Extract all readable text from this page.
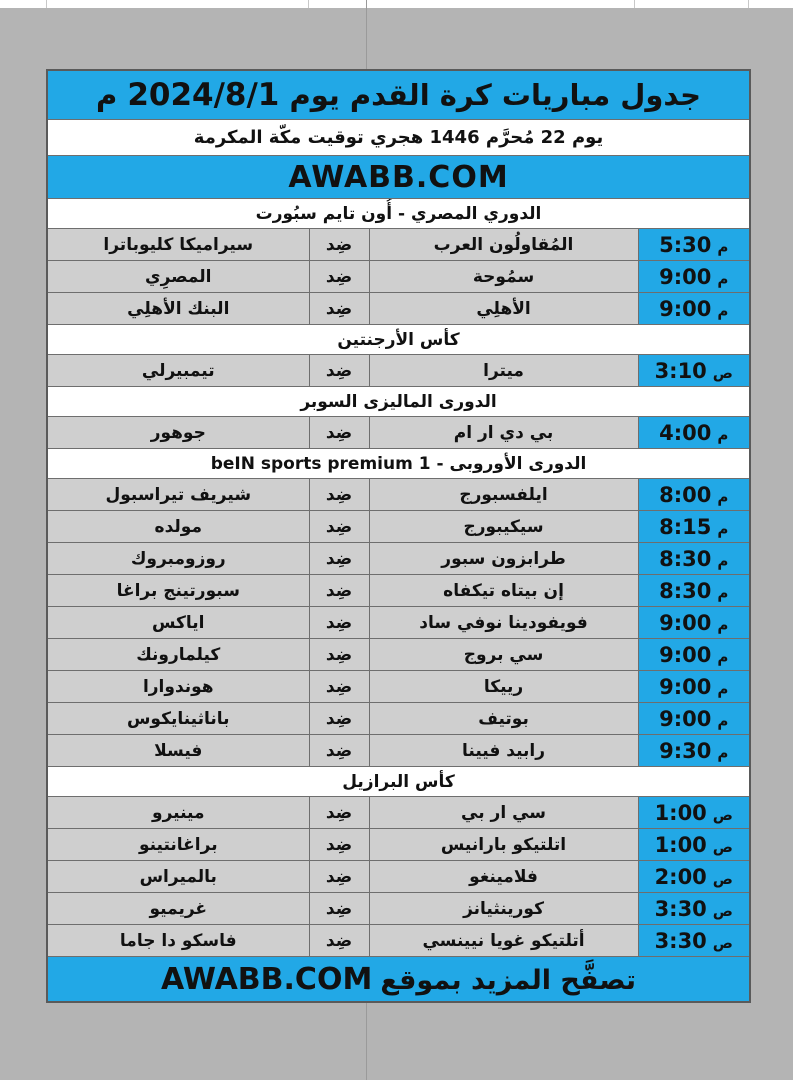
جدول مباريات كرة القدم يوم 2024/8/1 م			
يوم 22 مُحرَّم 1446 هجري توقيت مكّة المكرمة			
AWABB.COM			
الدوري المصري - أُون تايم سبُورت			
م5:30	المُقاولُون العرب	ضِد	سيراميكا كليوباترا
م9:00	سمُوحة	ضِد	المصرِي
م9:00	الأهلِي	ضِد	البنك الأهلِي
كأس الأرجنتين			
ص3:10	ميترا	ضِد	تيمبيرلي
الدورى الماليزى السوبر			
م4:00	بي دي ار ام	ضِد	جوهور
الدورى الأوروبى - beIN sports premium 1			
م8:00	ايلفسبورج	ضِد	شيريف تيراسبول
م8:15	سيكيبورج	ضِد	مولده
م8:30	طرابزون سبور	ضِد	روزومبروك
م8:30	إن بيتاه تيكفاه	ضِد	سبورتينج براغا
م9:00	فويفودينا نوفي ساد	ضِد	اياكس
م9:00	سي بروج	ضِد	كيلمارونك
م9:00	رييكا	ضِد	هوندوارا
م9:00	بوتيف	ضِد	باناثينايكوس
م9:30	رابيد فيينا	ضِد	فيسلا
كأس البرازيل			
ص1:00	سي ار بي	ضِد	مينيرو
ص1:00	اتلتيكو بارانيس	ضِد	براغانتينو
ص2:00	فلامينغو	ضِد	بالميراس
ص3:30	كورينثيانز	ضِد	غريميو
ص3:30	أتلتيكو غويا نيينسي	ضِد	فاسكو دا جاما
تصفَّح المزيد بموقعAWABB.COM			
